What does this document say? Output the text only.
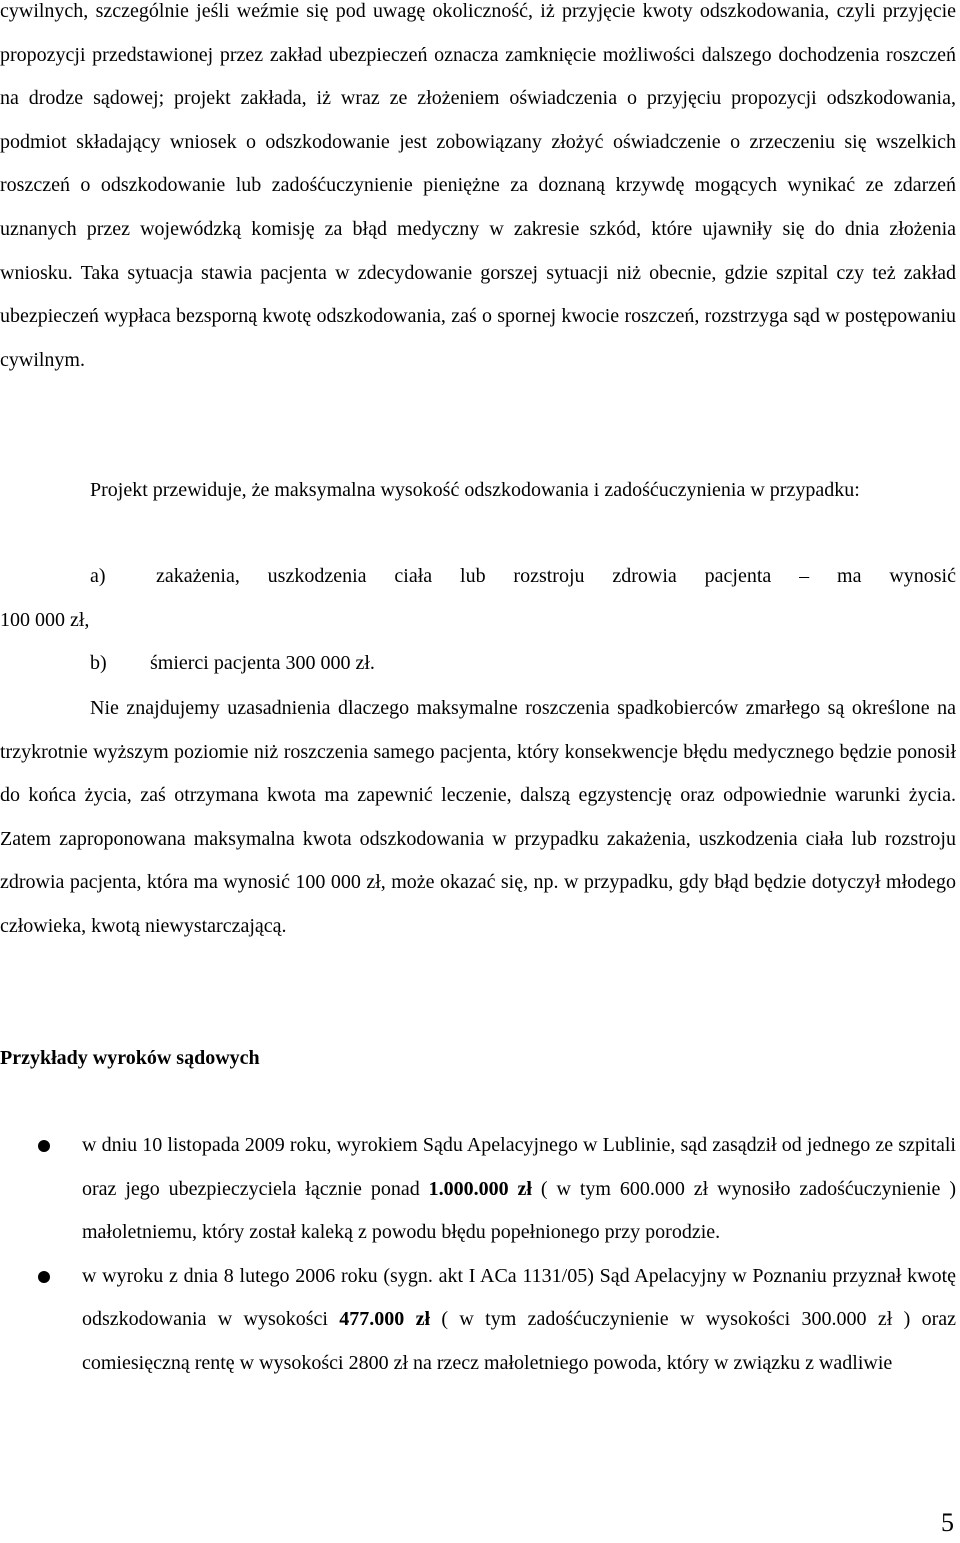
cywilnych, szczególnie jeśli weźmie się pod uwagę okoliczność, iż przyjęcie kwoty odszkodowania, czyli przyjęcie propozycji przedstawionej przez zakład ubezpieczeń oznacza zamknięcie możliwości dalszego dochodzenia roszczeń na drodze sądowej; projekt zakłada, iż wraz ze złożeniem oświadczenia o przyjęciu propozycji odszkodowania, podmiot składający wniosek o odszkodowanie jest zobowiązany złożyć oświadczenie o zrzeczeniu się wszelkich roszczeń o odszkodowanie lub zadośćuczynienie pieniężne za doznaną krzywdę mogących wynikać ze zdarzeń uznanych przez wojewódzką komisję za błąd medyczny w zakresie szkód, które ujawniły się do dnia złożenia wniosku. Taka sytuacja stawia pacjenta w zdecydowanie gorszej sytuacji niż obecnie, gdzie szpital czy też zakład ubezpieczeń wypłaca bezsporną kwotę odszkodowania, zaś o spornej kwocie roszczeń, rozstrzyga sąd w postępowaniu cywilnym.

Projekt przewiduje, że maksymalna wysokość odszkodowania i zadośćuczynienia w przypadku:

a)	zakażenia, uszkodzenia ciała lub rozstroju zdrowia pacjenta – ma wynosić
100 000 zł,
b) śmierci pacjenta 300 000 zł.

Nie znajdujemy uzasadnienia dlaczego maksymalne roszczenia spadkobierców zmarłego są określone na trzykrotnie wyższym poziomie niż roszczenia samego pacjenta, który konsekwencje błędu medycznego będzie ponosił do końca życia, zaś otrzymana kwota ma zapewnić leczenie, dalszą egzystencję oraz odpowiednie warunki życia. Zatem zaproponowana maksymalna kwota odszkodowania w przypadku zakażenia, uszkodzenia ciała lub rozstroju zdrowia pacjenta, która ma wynosić 100 000 zł, może okazać się, np. w przypadku, gdy błąd będzie dotyczył młodego człowieka, kwotą niewystarczającą.

Przykłady wyroków sądowych
w dniu 10 listopada 2009 roku, wyrokiem Sądu Apelacyjnego w Lublinie, sąd zasądził od jednego ze szpitali oraz jego ubezpieczyciela łącznie ponad 1.000.000 zł ( w tym 600.000 zł wynosiło zadośćuczynienie ) małoletniemu, który został kaleką z powodu błędu popełnionego przy porodzie.
w wyroku z dnia 8 lutego 2006 roku (sygn. akt I ACa 1131/05) Sąd Apelacyjny w Poznaniu przyznał kwotę odszkodowania w wysokości 477.000 zł ( w tym zadośćuczynienie w wysokości 300.000 zł ) oraz comiesięczną rentę w wysokości 2800 zł na rzecz małoletniego powoda, który w związku z wadliwie
5
